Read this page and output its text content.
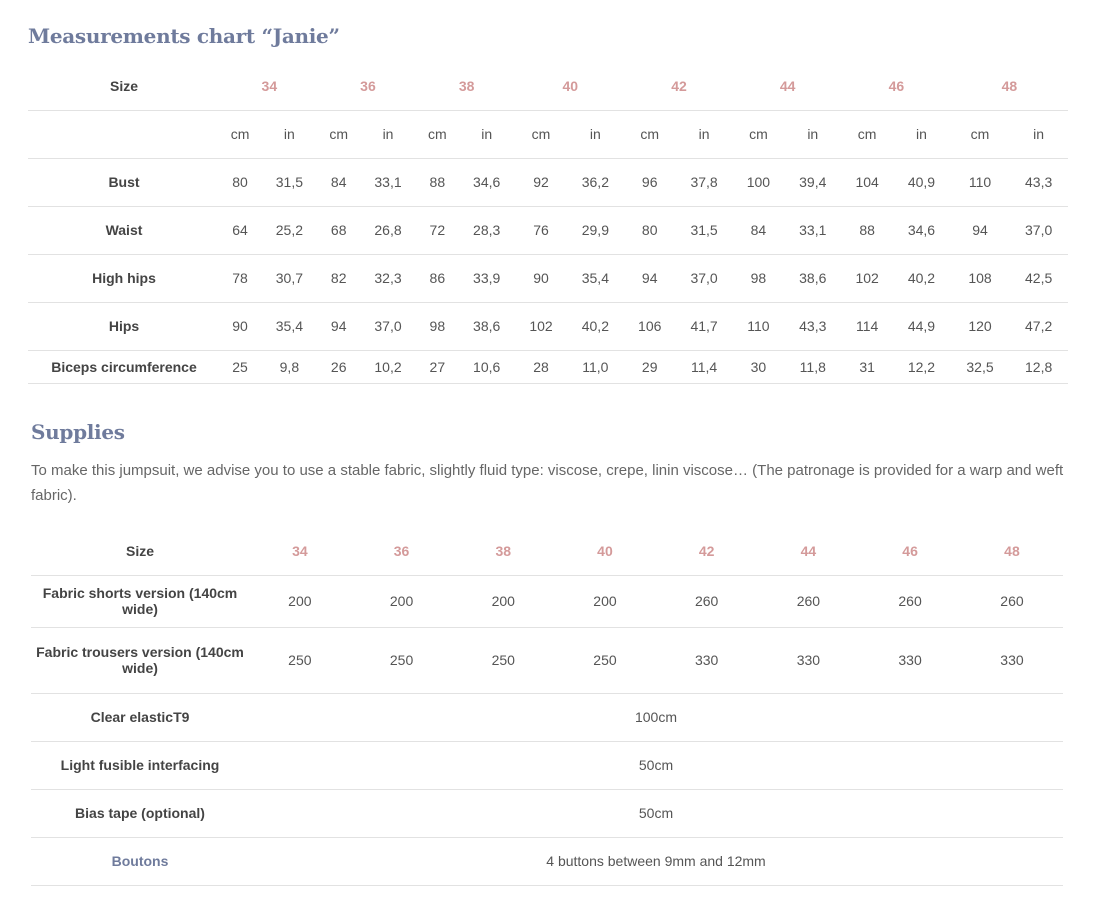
Measurements chart “Janie”
Size	34		36		38		40		42		44		46		48	
	cm	in	cm	in	cm	in	cm	in	cm	in	cm	in	cm	in	cm	in
Bust	80	31,5	84	33,1	88	34,6	92	36,2	96	37,8	100	39,4	104	40,9	110	43,3
Waist	64	25,2	68	26,8	72	28,3	76	29,9	80	31,5	84	33,1	88	34,6	94	37,0
High hips	78	30,7	82	32,3	86	33,9	90	35,4	94	37,0	98	38,6	102	40,2	108	42,5
Hips	90	35,4	94	37,0	98	38,6	102	40,2	106	41,7	110	43,3	114	44,9	120	47,2
Biceps circumference	25	9,8	26	10,2	27	10,6	28	11,0	29	11,4	30	11,8	31	12,2	32,5	12,8
Supplies
To make this jumpsuit, we advise you to use a stable fabric, slightly fluid type: viscose, crepe, linin viscose… (The patronage is provided for a warp and weft fabric).
Size	34	36	38	40	42	44	46	48
Fabric shorts version (140cm wide)	200	200	200	200	260	260	260	260
Fabric trousers version (140cm wide)	250	250	250	250	330	330	330	330
Clear elasticT9	100cm							
Light fusible interfacing	50cm							
Bias tape (optional)	50cm							
Boutons	4 buttons between 9mm and 12mm							
